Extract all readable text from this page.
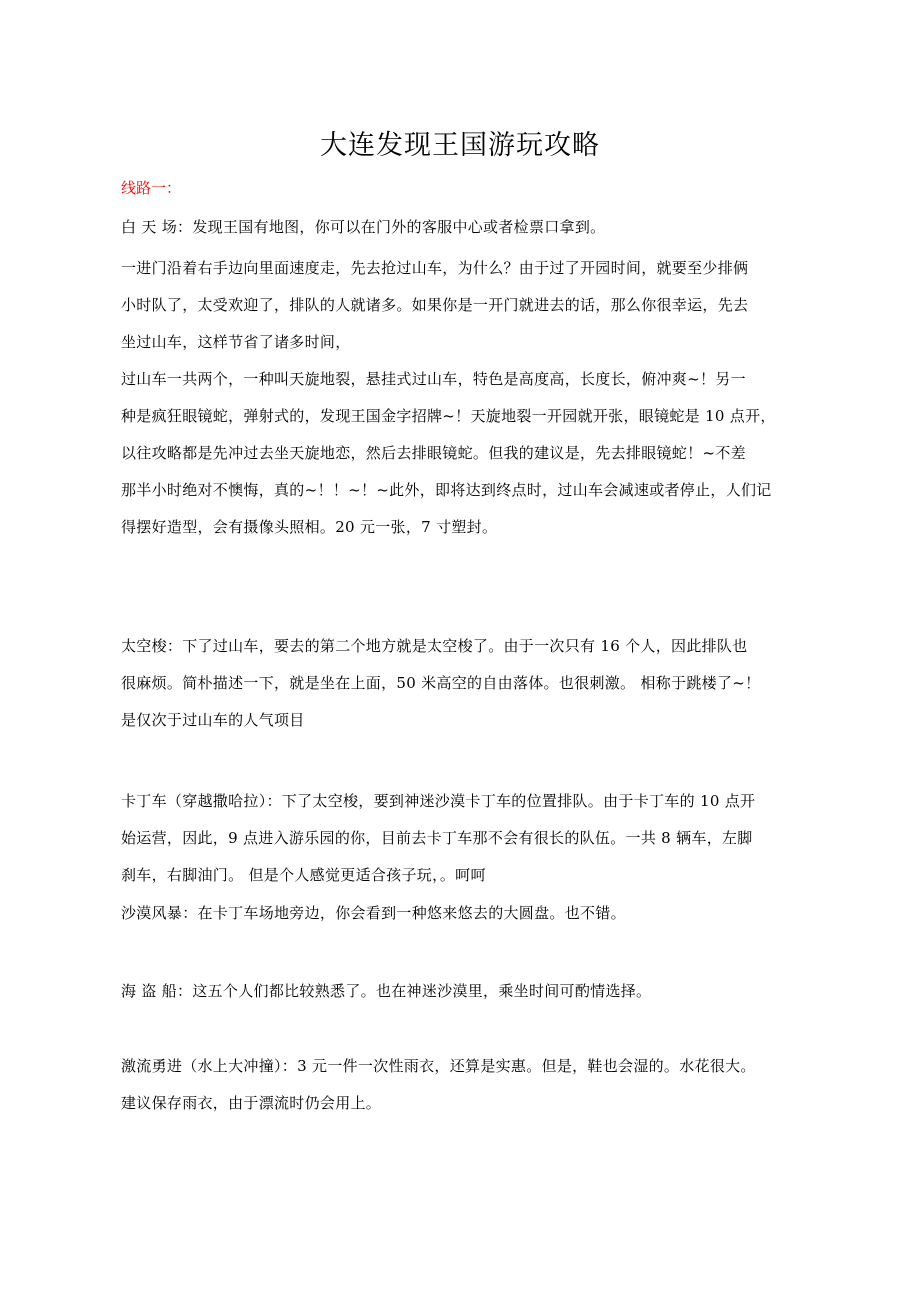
大连发现王国游玩攻略

线路一：

白 天 场：发现王国有地图，你可以在门外的客服中心或者检票口拿到。
一进门沿着右手边向里面速度走，先去抢过山车，为什么？由于过了开园时间，就要至少排俩
小时队了，太受欢迎了，排队的人就诸多。如果你是一开门就进去的话，那么你很幸运，先去
坐过山车，这样节省了诸多时间，
过山车一共两个，一种叫天旋地裂，悬挂式过山车，特色是高度高，长度长，俯冲爽~！另一
种是疯狂眼镜蛇，弹射式的，发现王国金字招牌~！天旋地裂一开园就开张，眼镜蛇是 10 点开，
以往攻略都是先冲过去坐天旋地恋，然后去排眼镜蛇。但我的建议是，先去排眼镜蛇！~不差
那半小时绝对不懊悔，真的~！！~！~此外，即将达到终点时，过山车会减速或者停止，人们记
得摆好造型，会有摄像头照相。20 元一张，7 寸塑封。
太空梭：下了过山车，要去的第二个地方就是太空梭了。由于一次只有 16 个人，因此排队也
很麻烦。简朴描述一下，就是坐在上面，50 米高空的自由落体。也很刺激。 相称于跳楼了~！
是仅次于过山车的人气项目
卡丁车（穿越撒哈拉）：下了太空梭，要到神迷沙漠卡丁车的位置排队。由于卡丁车的 10 点开
始运营，因此，9 点进入游乐园的你，目前去卡丁车那不会有很长的队伍。一共 8 辆车，左脚
刹车，右脚油门。 但是个人感觉更适合孩子玩，。呵呵
沙漠风暴：在卡丁车场地旁边，你会看到一种悠来悠去的大圆盘。也不错。
海 盗 船：这五个人们都比较熟悉了。也在神迷沙漠里，乘坐时间可酌情选择。
激流勇进（水上大冲撞）：3 元一件一次性雨衣，还算是实惠。但是，鞋也会湿的。水花很大。
建议保存雨衣，由于漂流时仍会用上。
